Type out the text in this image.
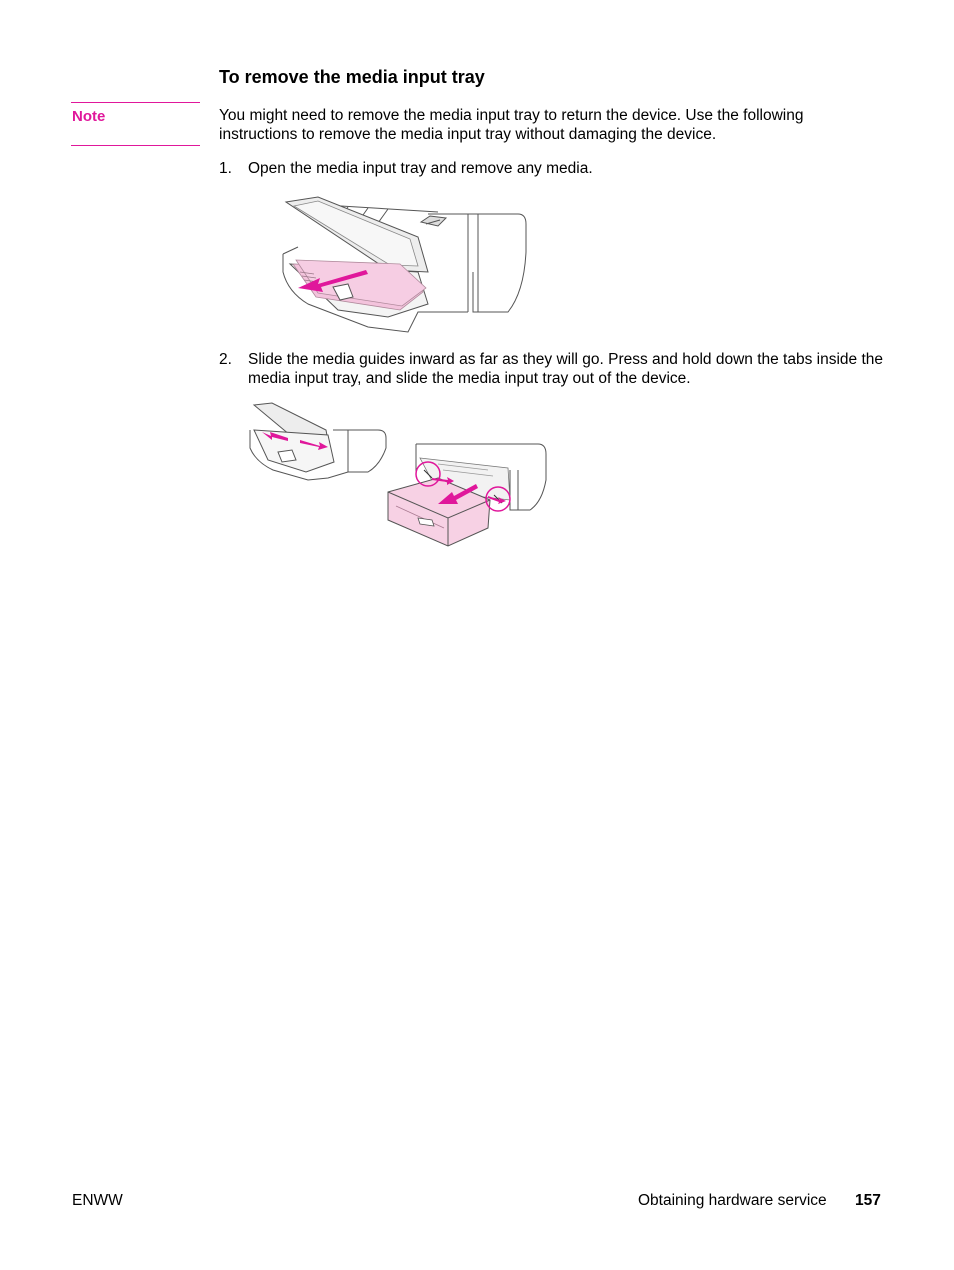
To remove the media input tray
Note	You might need to remove the media input tray to return the device. Use the following instructions to remove the media input tray without damaging the device.

1. Open the media input tray and remove any media.
2. Slide the media guides inward as far as they will go. Press and hold down the tabs inside the media input tray, and slide the media input tray out of the device.
ENWW	Obtaining hardware service 157
